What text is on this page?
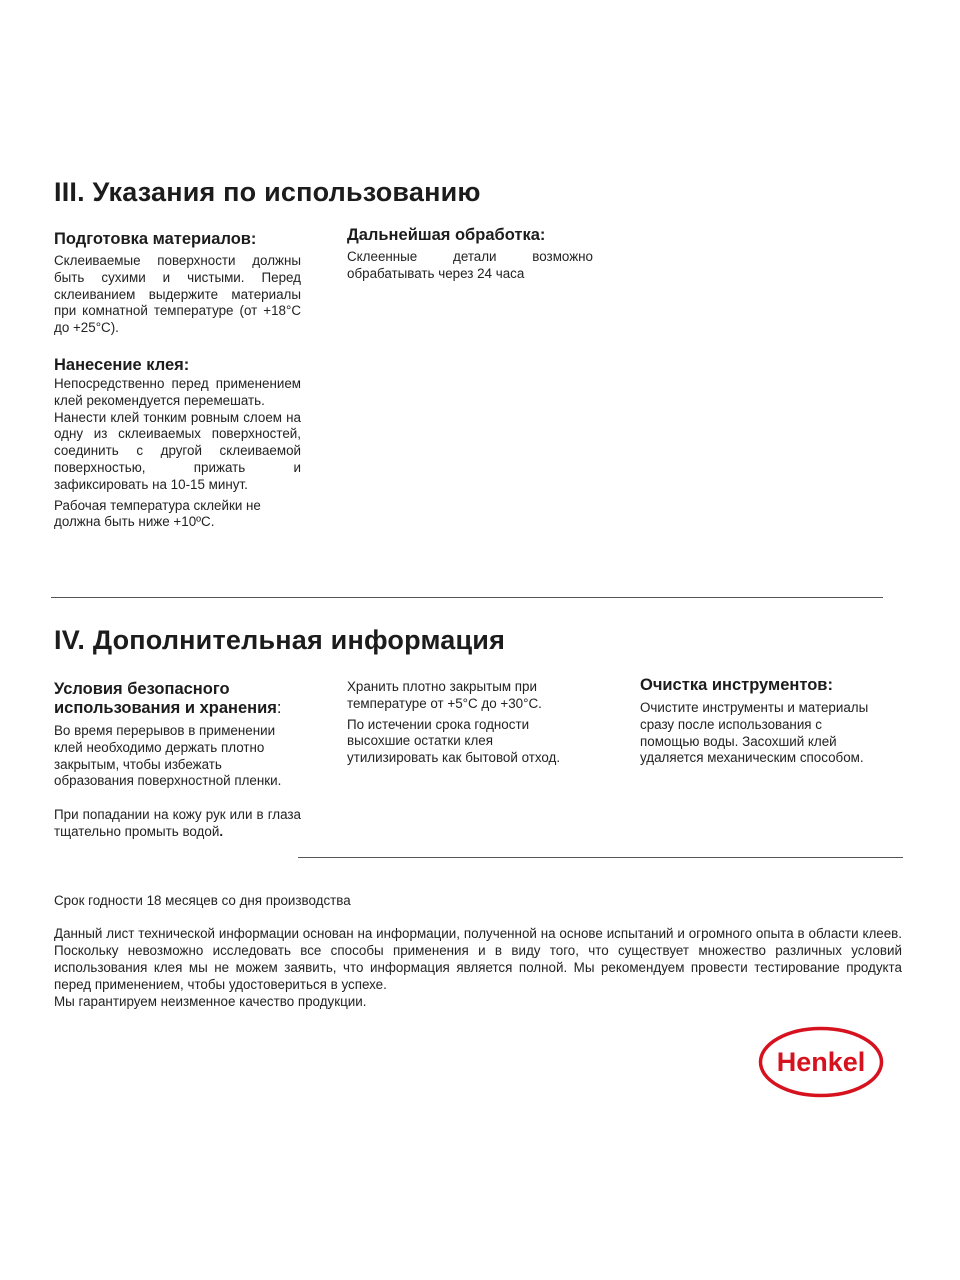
III. Указания по использованию

Подготовка материалов:

Склеиваемые поверхности должны быть сухими и чистыми. Перед склеиванием выдержите материалы при комнатной температуре (от +18°С до +25°С).

Нанесение клея:

Непосредственно перед применением клей рекомендуется перемешать.

Нанести клей тонким ровным слоем на одну из склеиваемых поверхностей, соединить с другой склеиваемой поверхностью, прижать и зафиксировать на 10-15 минут.

Рабочая температура склейки не должна быть ниже +10ºС.

Дальнейшая обработка:

Склеенные детали возможно обрабатывать через 24 часа

IV. Дополнительная информация

Условия безопасного использования и хранения:

Во время перерывов в применении клей необходимо держать плотно закрытым, чтобы избежать образования поверхностной пленки.

При попадании на кожу рук или в глаза тщательно промыть водой.

Хранить плотно закрытым при температуре от +5°С до +30°С.

По истечении срока годности высохшие остатки клея утилизировать как бытовой отход.

Очистка инструментов:

Очистите инструменты и материалы сразу после использования с помощью воды. Засохший клей удаляется механическим способом.

Срок годности 18 месяцев со дня производства
Данный лист технической информации основан на информации, полученной на основе испытаний и огромного опыта в области клеев. Поскольку невозможно исследовать все способы применения и в виду того, что существует множество различных условий использования клея мы не можем заявить, что информация является полной. Мы рекомендуем провести тестирование продукта перед применением, чтобы удостовериться в успехе.
Мы гарантируем неизменное качество продукции.
Henkel
